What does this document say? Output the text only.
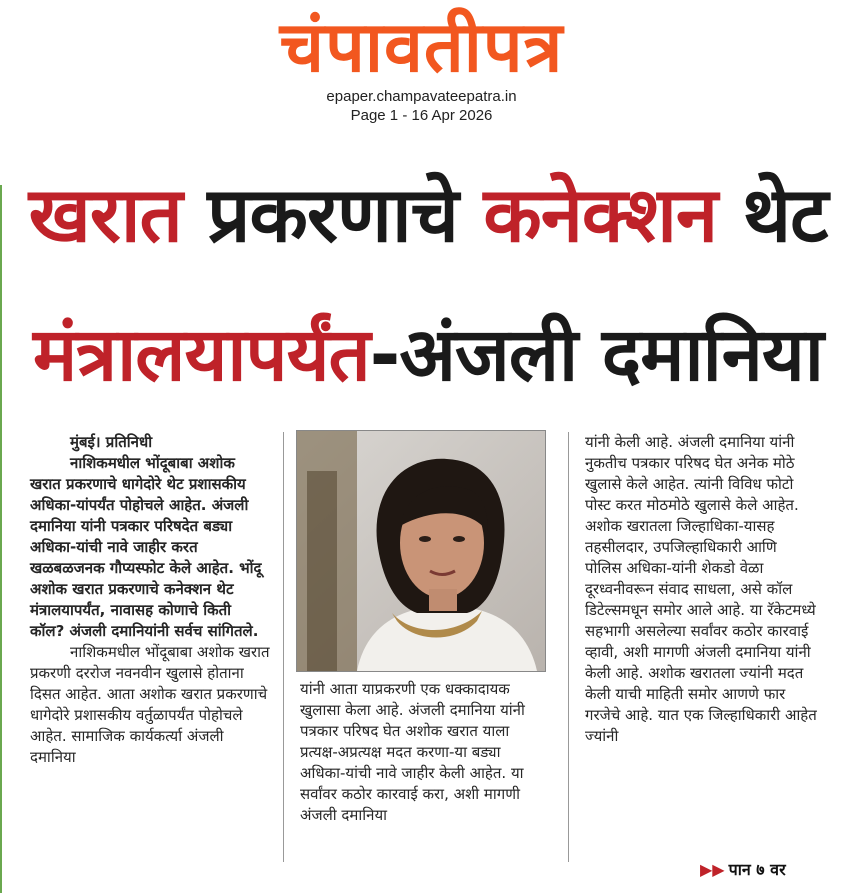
चंपावतीपत्र
epaper.champavateepatra.in
Page 1 - 16 Apr 2026
खरात प्रकरणाचे कनेक्शन थेट
मंत्रालयापर्यंत-अंजली दमानिया

मुंबई। प्रतिनिधी

नाशिकमधील भोंदूबाबा अशोक खरात प्रकरणाचे धागेदोरे थेट प्रशासकीय अधिका-यांपर्यंत पोहोचले आहेत. अंजली दमानिया यांनी पत्रकार परिषदेत बड्या अधिका-यांची नावे जाहीर करत खळबळजनक गौप्यस्फोट केले आहेत. भोंदू अशोक खरात प्रकरणाचे कनेक्शन थेट मंत्रालयापर्यंत, नावासह कोणाचे किती कॉल? अंजली दमानियांनी सर्वच सांगितले.

नाशिकमधील भोंदूबाबा अशोक खरात प्रकरणी दररोज नवनवीन खुलासे होताना दिसत आहेत. आता अशोक खरात प्रकरणाचे धागेदोरे प्रशासकीय वर्तुळापर्यंत पोहोचले आहेत. सामाजिक कार्यकर्त्या अंजली दमानिया

यांनी आता याप्रकरणी एक धक्कादायक खुलासा केला आहे. अंजली दमानिया यांनी पत्रकार परिषद घेत अशोक खरात याला प्रत्यक्ष-अप्रत्यक्ष मदत करणा-या बड्या अधिका-यांची नावे जाहीर केली आहेत. या सर्वांवर कठोर कारवाई करा, अशी मागणी अंजली दमानिया

यांनी केली आहे. अंजली दमानिया यांनी नुकतीच पत्रकार परिषद घेत अनेक मोठे खुलासे केले आहेत. त्यांनी विविध फोटो पोस्ट करत मोठमोठे खुलासे केले आहेत. अशोक खरातला जिल्हाधिका-यासह तहसीलदार, उपजिल्हाधिकारी आणि पोलिस अधिका-यांनी शेकडो वेळा दूरध्वनीवरून संवाद साधला, असे कॉल डिटेल्समधून समोर आले आहे. या रॅकेटमध्ये सहभागी असलेल्या सर्वांवर कठोर कारवाई व्हावी, अशी मागणी अंजली दमानिया यांनी केली आहे. अशोक खरातला ज्यांनी मदत केली याची माहिती समोर आणणे फार गरजेचे आहे. यात एक जिल्हाधिकारी आहेत ज्यांनी

▶▶ पान ७ वर
